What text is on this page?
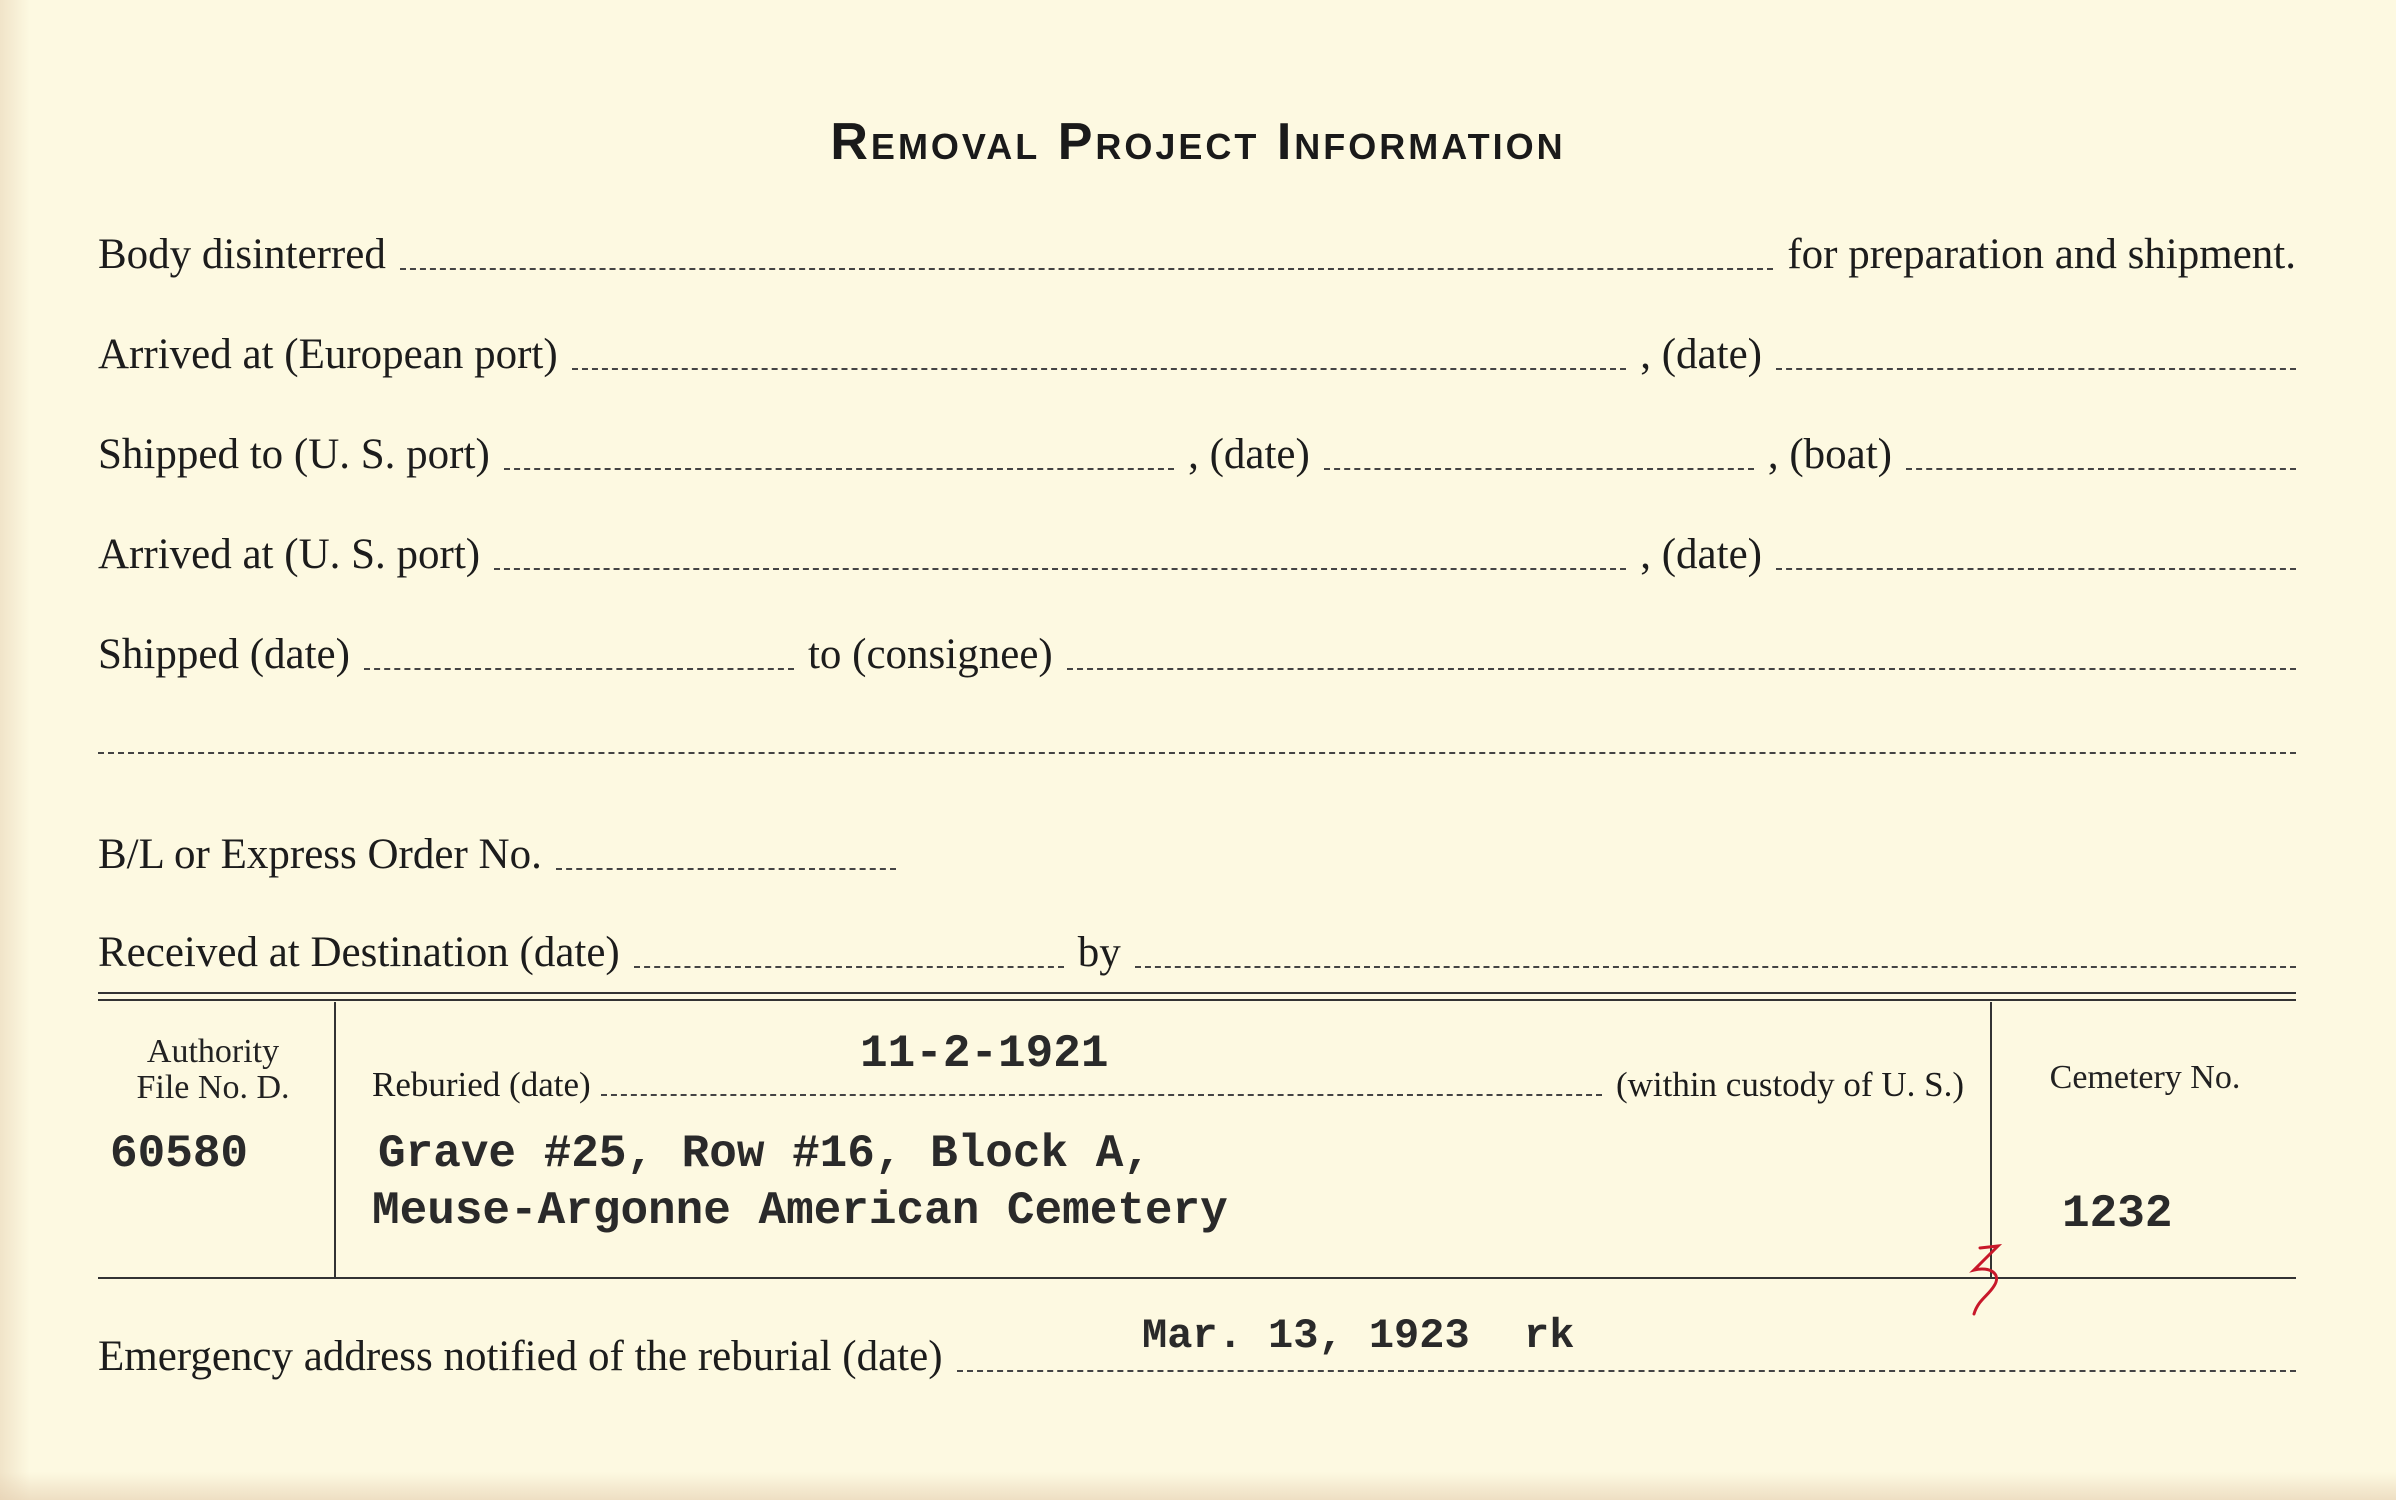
Removal Project Information
Body disinterred	for preparation and shipment.
Arrived at (European port)	, (date)
Shipped to (U. S. port)	, (date)	, (boat)
Arrived at (U. S. port)	, (date)
Shipped (date)	to (consignee)
B/L or Express Order No.
Received at Destination (date)	by
Authority
File No. D.
60580
Reburied (date)	(within custody of U. S.)
11-2-1921
Grave #25, Row #16, Block A,
Meuse-Argonne American Cemetery
Cemetery No.
1232
Emergency address notified of the reburial (date)	Mar. 13, 1923 rk
